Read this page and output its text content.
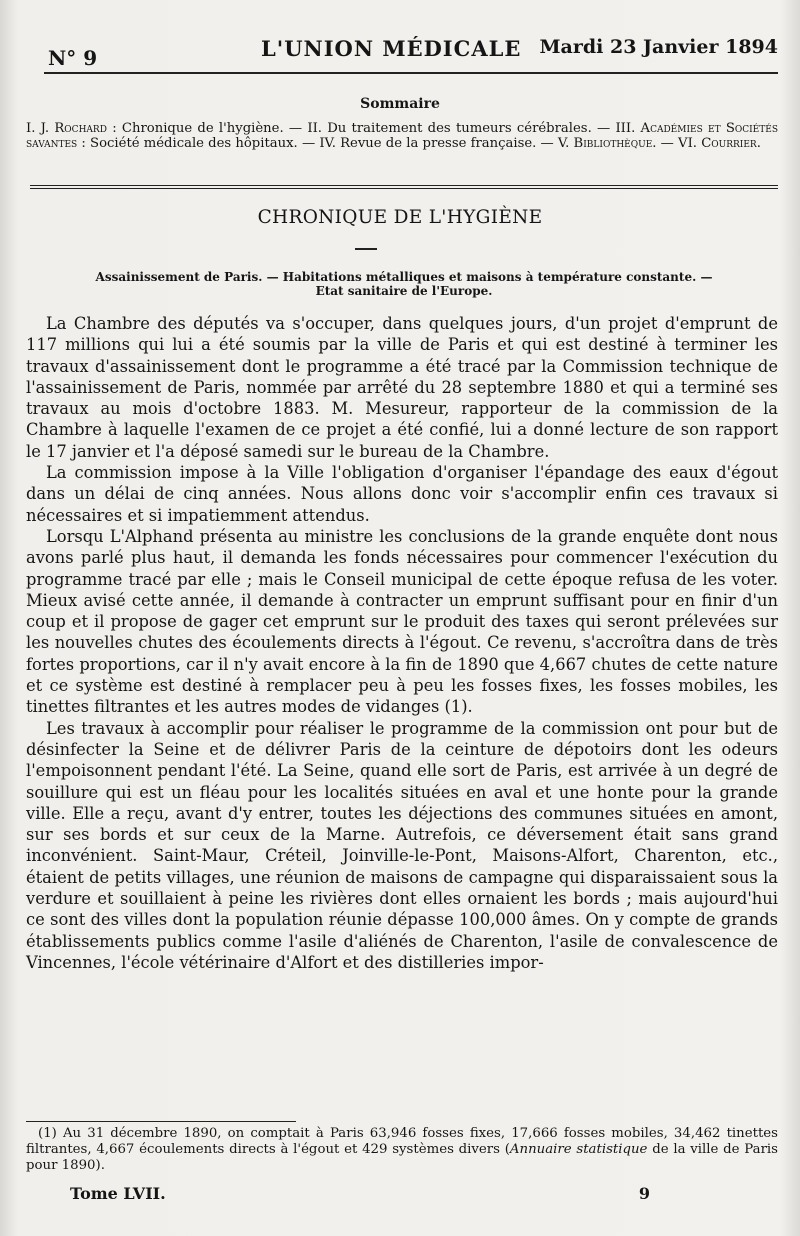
N° 9	L'UNION MÉDICALE Mardi 23 Janvier 1894
Sommaire
I. J. Rochard : Chronique de l'hygiène. — II. Du traitement des tumeurs cérébrales. — III. Académies et Sociétés savantes : Société médicale des hôpitaux. — IV. Revue de la presse française. — V. Bibliothèque. — VI. Courrier.
CHRONIQUE DE L'HYGIÈNE
Assainissement de Paris. — Habitations métalliques et maisons à température constante. —
Etat sanitaire de l'Europe.

La Chambre des députés va s'occuper, dans quelques jours, d'un projet d'emprunt de 117 millions qui lui a été soumis par la ville de Paris et qui est destiné à terminer les travaux d'assainissement dont le programme a été tracé par la Commission technique de l'assainissement de Paris, nommée par arrêté du 28 septembre 1880 et qui a terminé ses travaux au mois d'octobre 1883. M. Mesureur, rapporteur de la commission de la Chambre à laquelle l'examen de ce projet a été confié, lui a donné lecture de son rapport le 17 janvier et l'a déposé samedi sur le bureau de la Chambre.

La commission impose à la Ville l'obligation d'organiser l'épandage des eaux d'égout dans un délai de cinq années. Nous allons donc voir s'accomplir enfin ces travaux si nécessaires et si impatiemment attendus.

Lorsqu L'Alphand présenta au ministre les conclusions de la grande enquête dont nous avons parlé plus haut, il demanda les fonds nécessaires pour commencer l'exécution du programme tracé par elle ; mais le Conseil municipal de cette époque refusa de les voter. Mieux avisé cette année, il demande à contracter un emprunt suffisant pour en finir d'un coup et il propose de gager cet emprunt sur le produit des taxes qui seront prélevées sur les nouvelles chutes des écoulements directs à l'égout. Ce revenu, s'accroîtra dans de très fortes proportions, car il n'y avait encore à la fin de 1890 que 4,667 chutes de cette nature et ce système est destiné à remplacer peu à peu les fosses fixes, les fosses mobiles, les tinettes filtrantes et les autres modes de vidanges (1).

Les travaux à accomplir pour réaliser le programme de la commission ont pour but de désinfecter la Seine et de délivrer Paris de la ceinture de dépotoirs dont les odeurs l'empoisonnent pendant l'été. La Seine, quand elle sort de Paris, est arrivée à un degré de souillure qui est un fléau pour les localités situées en aval et une honte pour la grande ville. Elle a reçu, avant d'y entrer, toutes les déjections des communes situées en amont, sur ses bords et sur ceux de la Marne. Autrefois, ce déversement était sans grand inconvénient. Saint-Maur, Créteil, Joinville-le-Pont, Maisons-Alfort, Charenton, etc., étaient de petits villages, une réunion de maisons de campagne qui disparaissaient sous la verdure et souillaient à peine les rivières dont elles ornaient les bords ; mais aujourd'hui ce sont des villes dont la population réunie dépasse 100,000 âmes. On y compte de grands établissements publics comme l'asile d'aliénés de Charenton, l'asile de convalescence de Vincennes, l'école vétérinaire d'Alfort et des distilleries impor-

(1) Au 31 décembre 1890, on comptait à Paris 63,946 fosses fixes, 17,666 fosses mobiles, 34,462 tinettes filtrantes, 4,667 écoulements directs à l'égout et 429 systèmes divers (Annuaire statistique de la ville de Paris pour 1890).

Tome LVII.	9
